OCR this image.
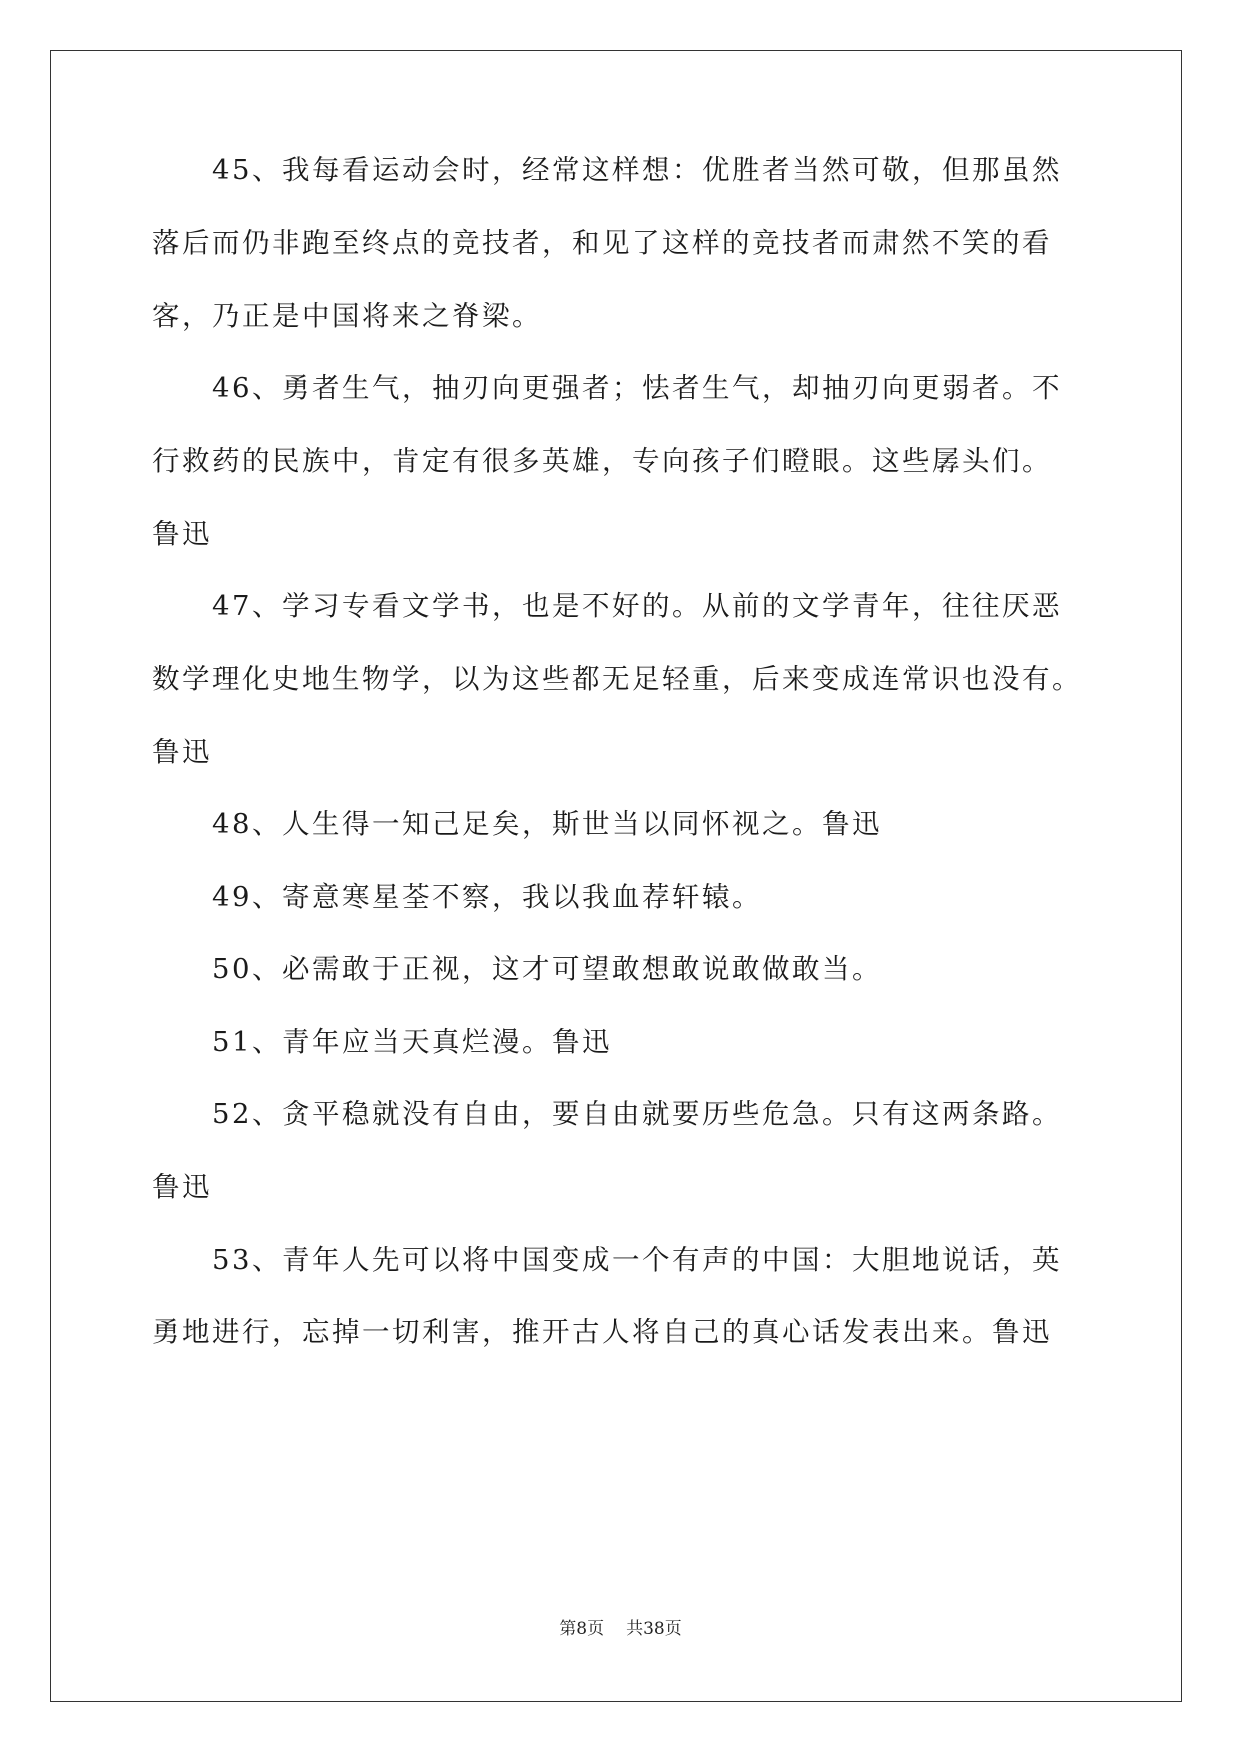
45、我每看运动会时，经常这样想：优胜者当然可敬，但那虽然
落后而仍非跑至终点的竞技者，和见了这样的竞技者而肃然不笑的看
客，乃正是中国将来之脊梁。
46、勇者生气，抽刃向更强者；怯者生气，却抽刃向更弱者。不
行救药的民族中，肯定有很多英雄，专向孩子们瞪眼。这些孱头们。
鲁迅
47、学习专看文学书，也是不好的。从前的文学青年，往往厌恶
数学理化史地生物学，以为这些都无足轻重，后来变成连常识也没有。
鲁迅
48、人生得一知己足矣，斯世当以同怀视之。鲁迅
49、寄意寒星荃不察，我以我血荐轩辕。
50、必需敢于正视，这才可望敢想敢说敢做敢当。
51、青年应当天真烂漫。鲁迅
52、贪平稳就没有自由，要自由就要历些危急。只有这两条路。
鲁迅
53、青年人先可以将中国变成一个有声的中国：大胆地说话，英
勇地进行，忘掉一切利害，推开古人将自己的真心话发表出来。鲁迅
第8页 共38页
